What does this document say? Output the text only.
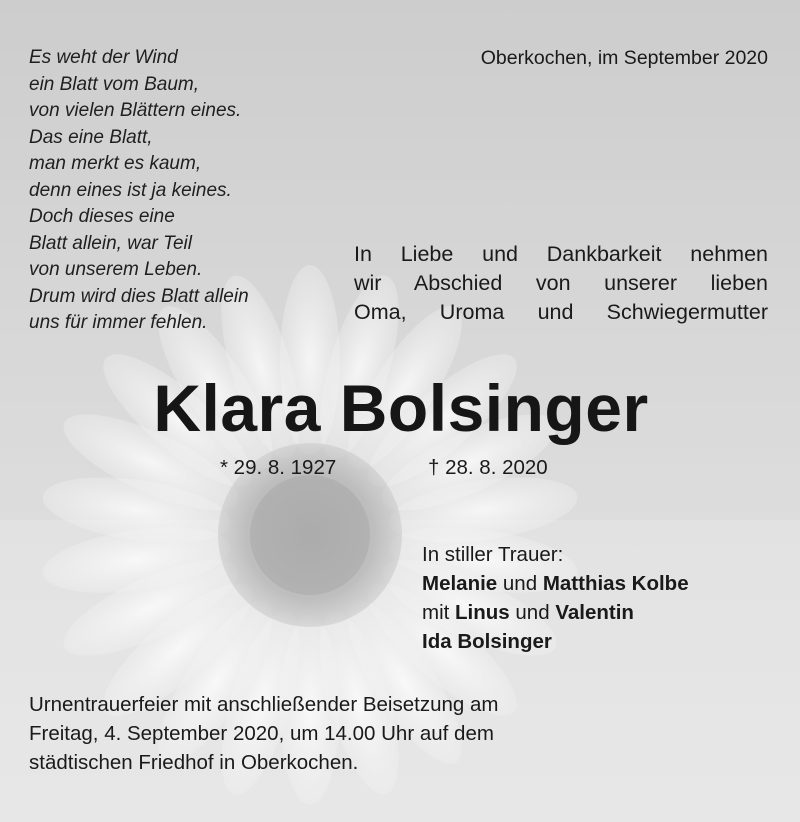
Es weht der Wind
ein Blatt vom Baum,
von vielen Blättern eines.
Das eine Blatt,
man merkt es kaum,
denn eines ist ja keines.
Doch dieses eine
Blatt allein, war Teil
von unserem Leben.
Drum wird dies Blatt allein
uns für immer fehlen.
Oberkochen, im September 2020
In Liebe und Dankbarkeit nehmen
wir Abschied von unserer lieben
Oma, Uroma und Schwiegermutter
Klara Bolsinger
* 29. 8. 1927	† 28. 8. 2020
In stiller Trauer:
Melanie und Matthias Kolbe
mit Linus und Valentin
Ida Bolsinger
Urnentrauerfeier mit anschließender Beisetzung am
Freitag, 4. September 2020, um 14.00 Uhr auf dem
städtischen Friedhof in Oberkochen.
